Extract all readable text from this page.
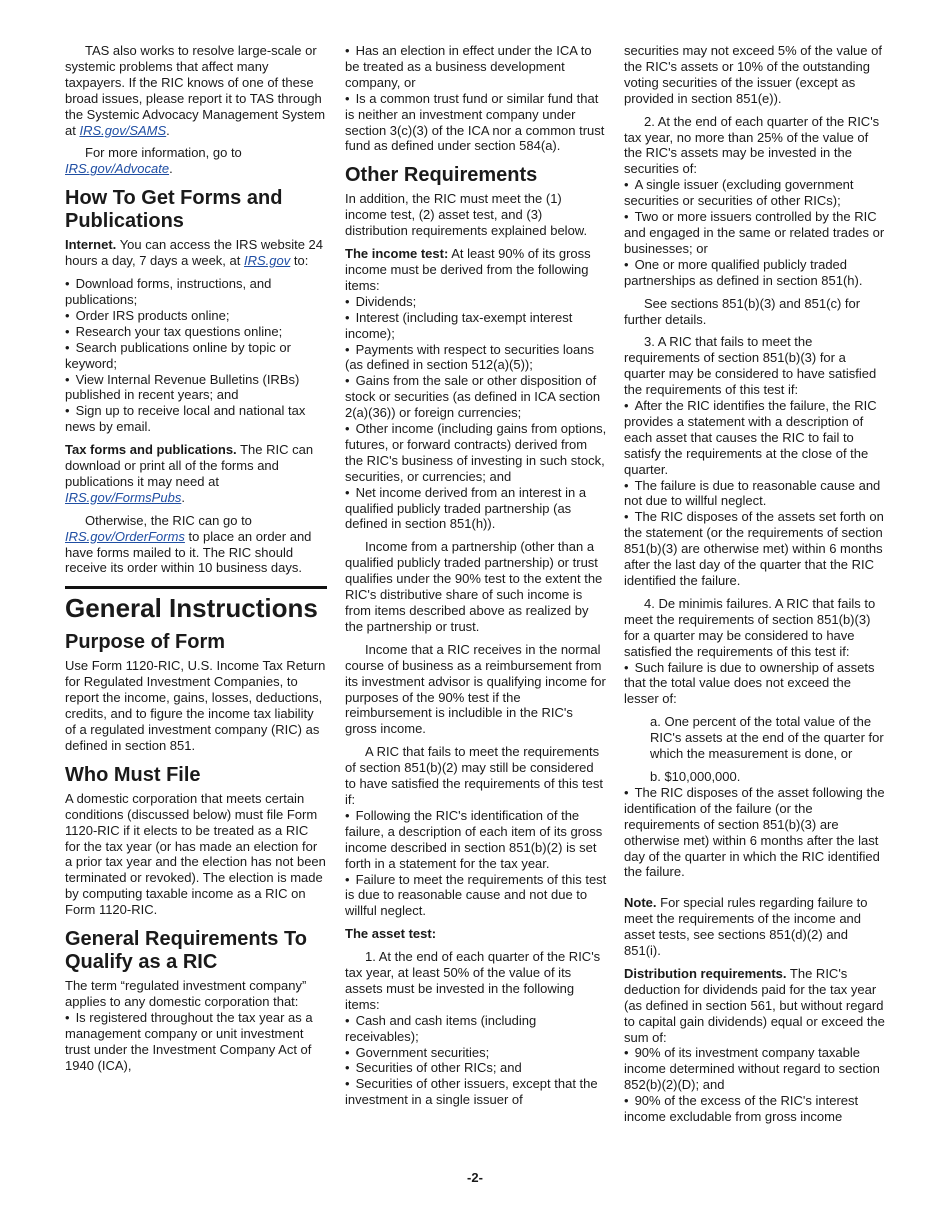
TAS also works to resolve large-scale or systemic problems that affect many taxpayers. If the RIC knows of one of these broad issues, please report it to TAS through the Systemic Advocacy Management System at IRS.gov/SAMS.

For more information, go to IRS.gov/Advocate.

How To Get Forms and Publications

Internet. You can access the IRS website 24 hours a day, 7 days a week, at IRS.gov to:

• Download forms, instructions, and publications;
• Order IRS products online;
• Research your tax questions online;
• Search publications online by topic or keyword;
• View Internal Revenue Bulletins (IRBs) published in recent years; and
• Sign up to receive local and national tax news by email.

Tax forms and publications. The RIC can download or print all of the forms and publications it may need at IRS.gov/FormsPubs.

Otherwise, the RIC can go to IRS.gov/OrderForms to place an order and have forms mailed to it. The RIC should receive its order within 10 business days.

General Instructions
Purpose of Form

Use Form 1120-RIC, U.S. Income Tax Return for Regulated Investment Companies, to report the income, gains, losses, deductions, credits, and to figure the income tax liability of a regulated investment company (RIC) as defined in section 851.

Who Must File

A domestic corporation that meets certain conditions (discussed below) must file Form 1120-RIC if it elects to be treated as a RIC for the tax year (or has made an election for a prior tax year and the election has not been terminated or revoked). The election is made by computing taxable income as a RIC on Form 1120-RIC.

General Requirements To Qualify as a RIC

The term “regulated investment company” applies to any domestic corporation that:

• Is registered throughout the tax year as a management company or unit investment trust under the Investment Company Act of 1940 (ICA),
• Has an election in effect under the ICA to be treated as a business development company, or
• Is a common trust fund or similar fund that is neither an investment company under section 3(c)(3) of the ICA nor a common trust fund as defined under section 584(a).
Other Requirements

In addition, the RIC must meet the (1) income test, (2) asset test, and (3) distribution requirements explained below.

The income test: At least 90% of its gross income must be derived from the following items:

• Dividends;
• Interest (including tax-exempt interest income);
• Payments with respect to securities loans (as defined in section 512(a)(5));
• Gains from the sale or other disposition of stock or securities (as defined in ICA section 2(a)(36)) or foreign currencies;
• Other income (including gains from options, futures, or forward contracts) derived from the RIC's business of investing in such stock, securities, or currencies; and
• Net income derived from an interest in a qualified publicly traded partnership (as defined in section 851(h)).

Income from a partnership (other than a qualified publicly traded partnership) or trust qualifies under the 90% test to the extent the RIC's distributive share of such income is from items described above as realized by the partnership or trust.

Income that a RIC receives in the normal course of business as a reimbursement from its investment advisor is qualifying income for purposes of the 90% test if the reimbursement is includible in the RIC's gross income.

A RIC that fails to meet the requirements of section 851(b)(2) may still be considered to have satisfied the requirements of this test if:

• Following the RIC's identification of the failure, a description of each item of its gross income described in section 851(b)(2) is set forth in a statement for the tax year.
• Failure to meet the requirements of this test is due to reasonable cause and not due to willful neglect.

The asset test:

1. At the end of each quarter of the RIC's tax year, at least 50% of the value of its assets must be invested in the following items:

• Cash and cash items (including receivables);
• Government securities;
• Securities of other RICs; and
• Securities of other issuers, except that the investment in a single issuer of

securities may not exceed 5% of the value of the RIC's assets or 10% of the outstanding voting securities of the issuer (except as provided in section 851(e)).

2. At the end of each quarter of the RIC's tax year, no more than 25% of the value of the RIC's assets may be invested in the securities of:

• A single issuer (excluding government securities or securities of other RICs);
• Two or more issuers controlled by the RIC and engaged in the same or related trades or businesses; or
• One or more qualified publicly traded partnerships as defined in section 851(h).

See sections 851(b)(3) and 851(c) for further details.

3. A RIC that fails to meet the requirements of section 851(b)(3) for a quarter may be considered to have satisfied the requirements of this test if:

• After the RIC identifies the failure, the RIC provides a statement with a description of each asset that causes the RIC to fail to satisfy the requirements at the close of the quarter.
• The failure is due to reasonable cause and not due to willful neglect.
• The RIC disposes of the assets set forth on the statement (or the requirements of section 851(b)(3) are otherwise met) within 6 months after the last day of the quarter that the RIC identified the failure.

4. De minimis failures. A RIC that fails to meet the requirements of section 851(b)(3) for a quarter may be considered to have satisfied the requirements of this test if:

• Such failure is due to ownership of assets that the total value does not exceed the lesser of:

a. One percent of the total value of the RIC's assets at the end of the quarter for which the measurement is done, or

b. $10,000,000.

• The RIC disposes of the asset following the identification of the failure (or the requirements of section 851(b)(3) are otherwise met) within 6 months after the last day of the quarter in which the RIC identified the failure.

Note. For special rules regarding failure to meet the requirements of the income and asset tests, see sections 851(d)(2) and 851(i).

Distribution requirements. The RIC's deduction for dividends paid for the tax year (as defined in section 561, but without regard to capital gain dividends) equal or exceed the sum of:

• 90% of its investment company taxable income determined without regard to section 852(b)(2)(D); and
• 90% of the excess of the RIC's interest income excludable from gross income
-2-
